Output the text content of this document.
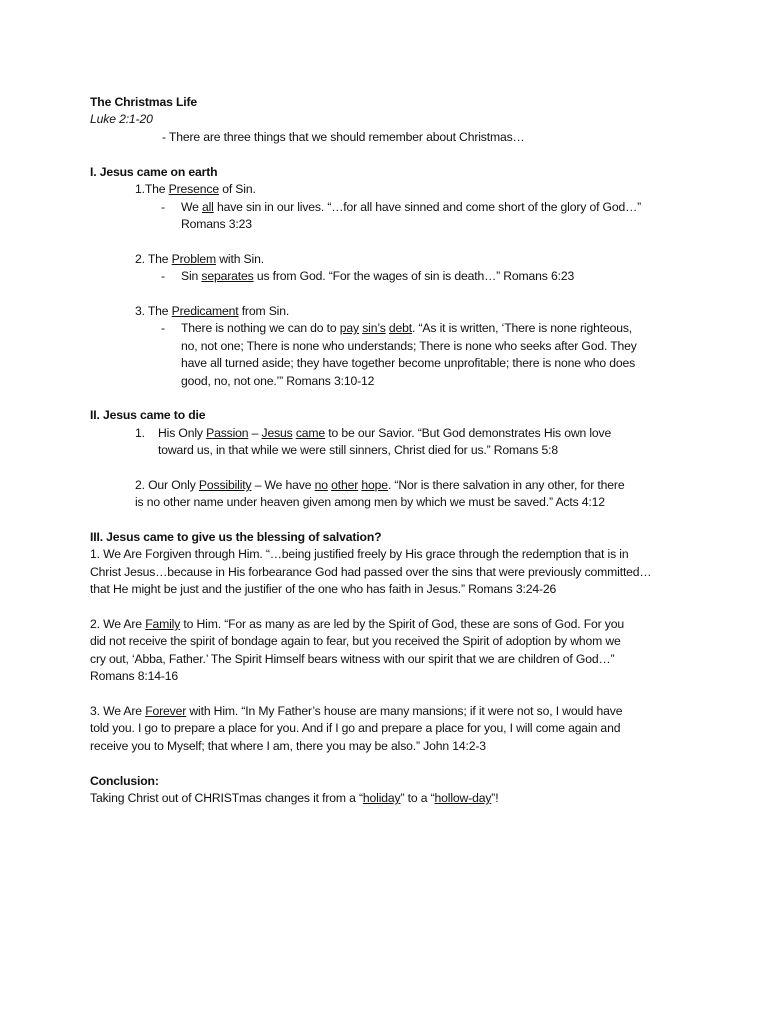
The Christmas Life
Luke 2:1-20
- There are three things that we should remember about Christmas…
I. Jesus came on earth
1.The Presence of Sin.
- We all have sin in our lives. “…for all have sinned and come short of the glory of God…”
Romans 3:23
2. The Problem with Sin.
- Sin separates us from God. “For the wages of sin is death…” Romans 6:23
3. The Predicament from Sin.
- There is nothing we can do to pay sin’s debt. “As it is written, ‘There is none righteous,
no, not one; There is none who understands; There is none who seeks after God. They
have all turned aside; they have together become unprofitable; there is none who does
good, no, not one.’” Romans 3:10-12
II. Jesus came to die
1. His Only Passion – Jesus came to be our Savior. “But God demonstrates His own love
toward us, in that while we were still sinners, Christ died for us.” Romans 5:8
2. Our Only Possibility – We have no other hope. “Nor is there salvation in any other, for there
is no other name under heaven given among men by which we must be saved.” Acts 4:12
III. Jesus came to give us the blessing of salvation?
1. We Are Forgiven through Him. “…being justified freely by His grace through the redemption that is in
Christ Jesus…because in His forbearance God had passed over the sins that were previously committed…
that He might be just and the justifier of the one who has faith in Jesus.” Romans 3:24-26
2. We Are Family to Him. “For as many as are led by the Spirit of God, these are sons of God. For you
did not receive the spirit of bondage again to fear, but you received the Spirit of adoption by whom we
cry out, ‘Abba, Father.’ The Spirit Himself bears witness with our spirit that we are children of God…”
Romans 8:14-16
3. We Are Forever with Him. “In My Father’s house are many mansions; if it were not so, I would have
told you. I go to prepare a place for you. And if I go and prepare a place for you, I will come again and
receive you to Myself; that where I am, there you may be also.” John 14:2-3
Conclusion:
Taking Christ out of CHRISTmas changes it from a “holiday” to a “hollow-day”!
